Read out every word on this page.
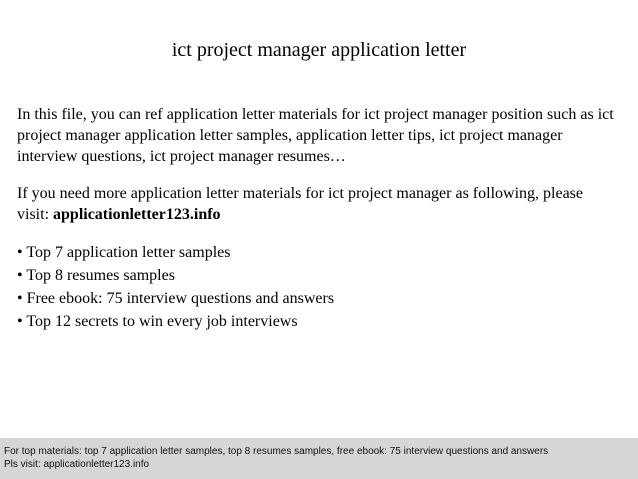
ict project manager application letter
In this file, you can ref application letter materials for ict project manager position such as ict project manager application letter samples, application letter tips, ict project manager interview questions, ict project manager resumes…
If you need more application letter materials for ict project manager as following, please visit: applicationletter123.info
• Top 7 application letter samples
• Top 8 resumes samples
• Free ebook: 75 interview questions and answers
• Top 12 secrets to win every job interviews
For top materials: top 7 application letter samples, top 8 resumes samples, free ebook: 75 interview questions and answers
Pls visit: applicationletter123.info
